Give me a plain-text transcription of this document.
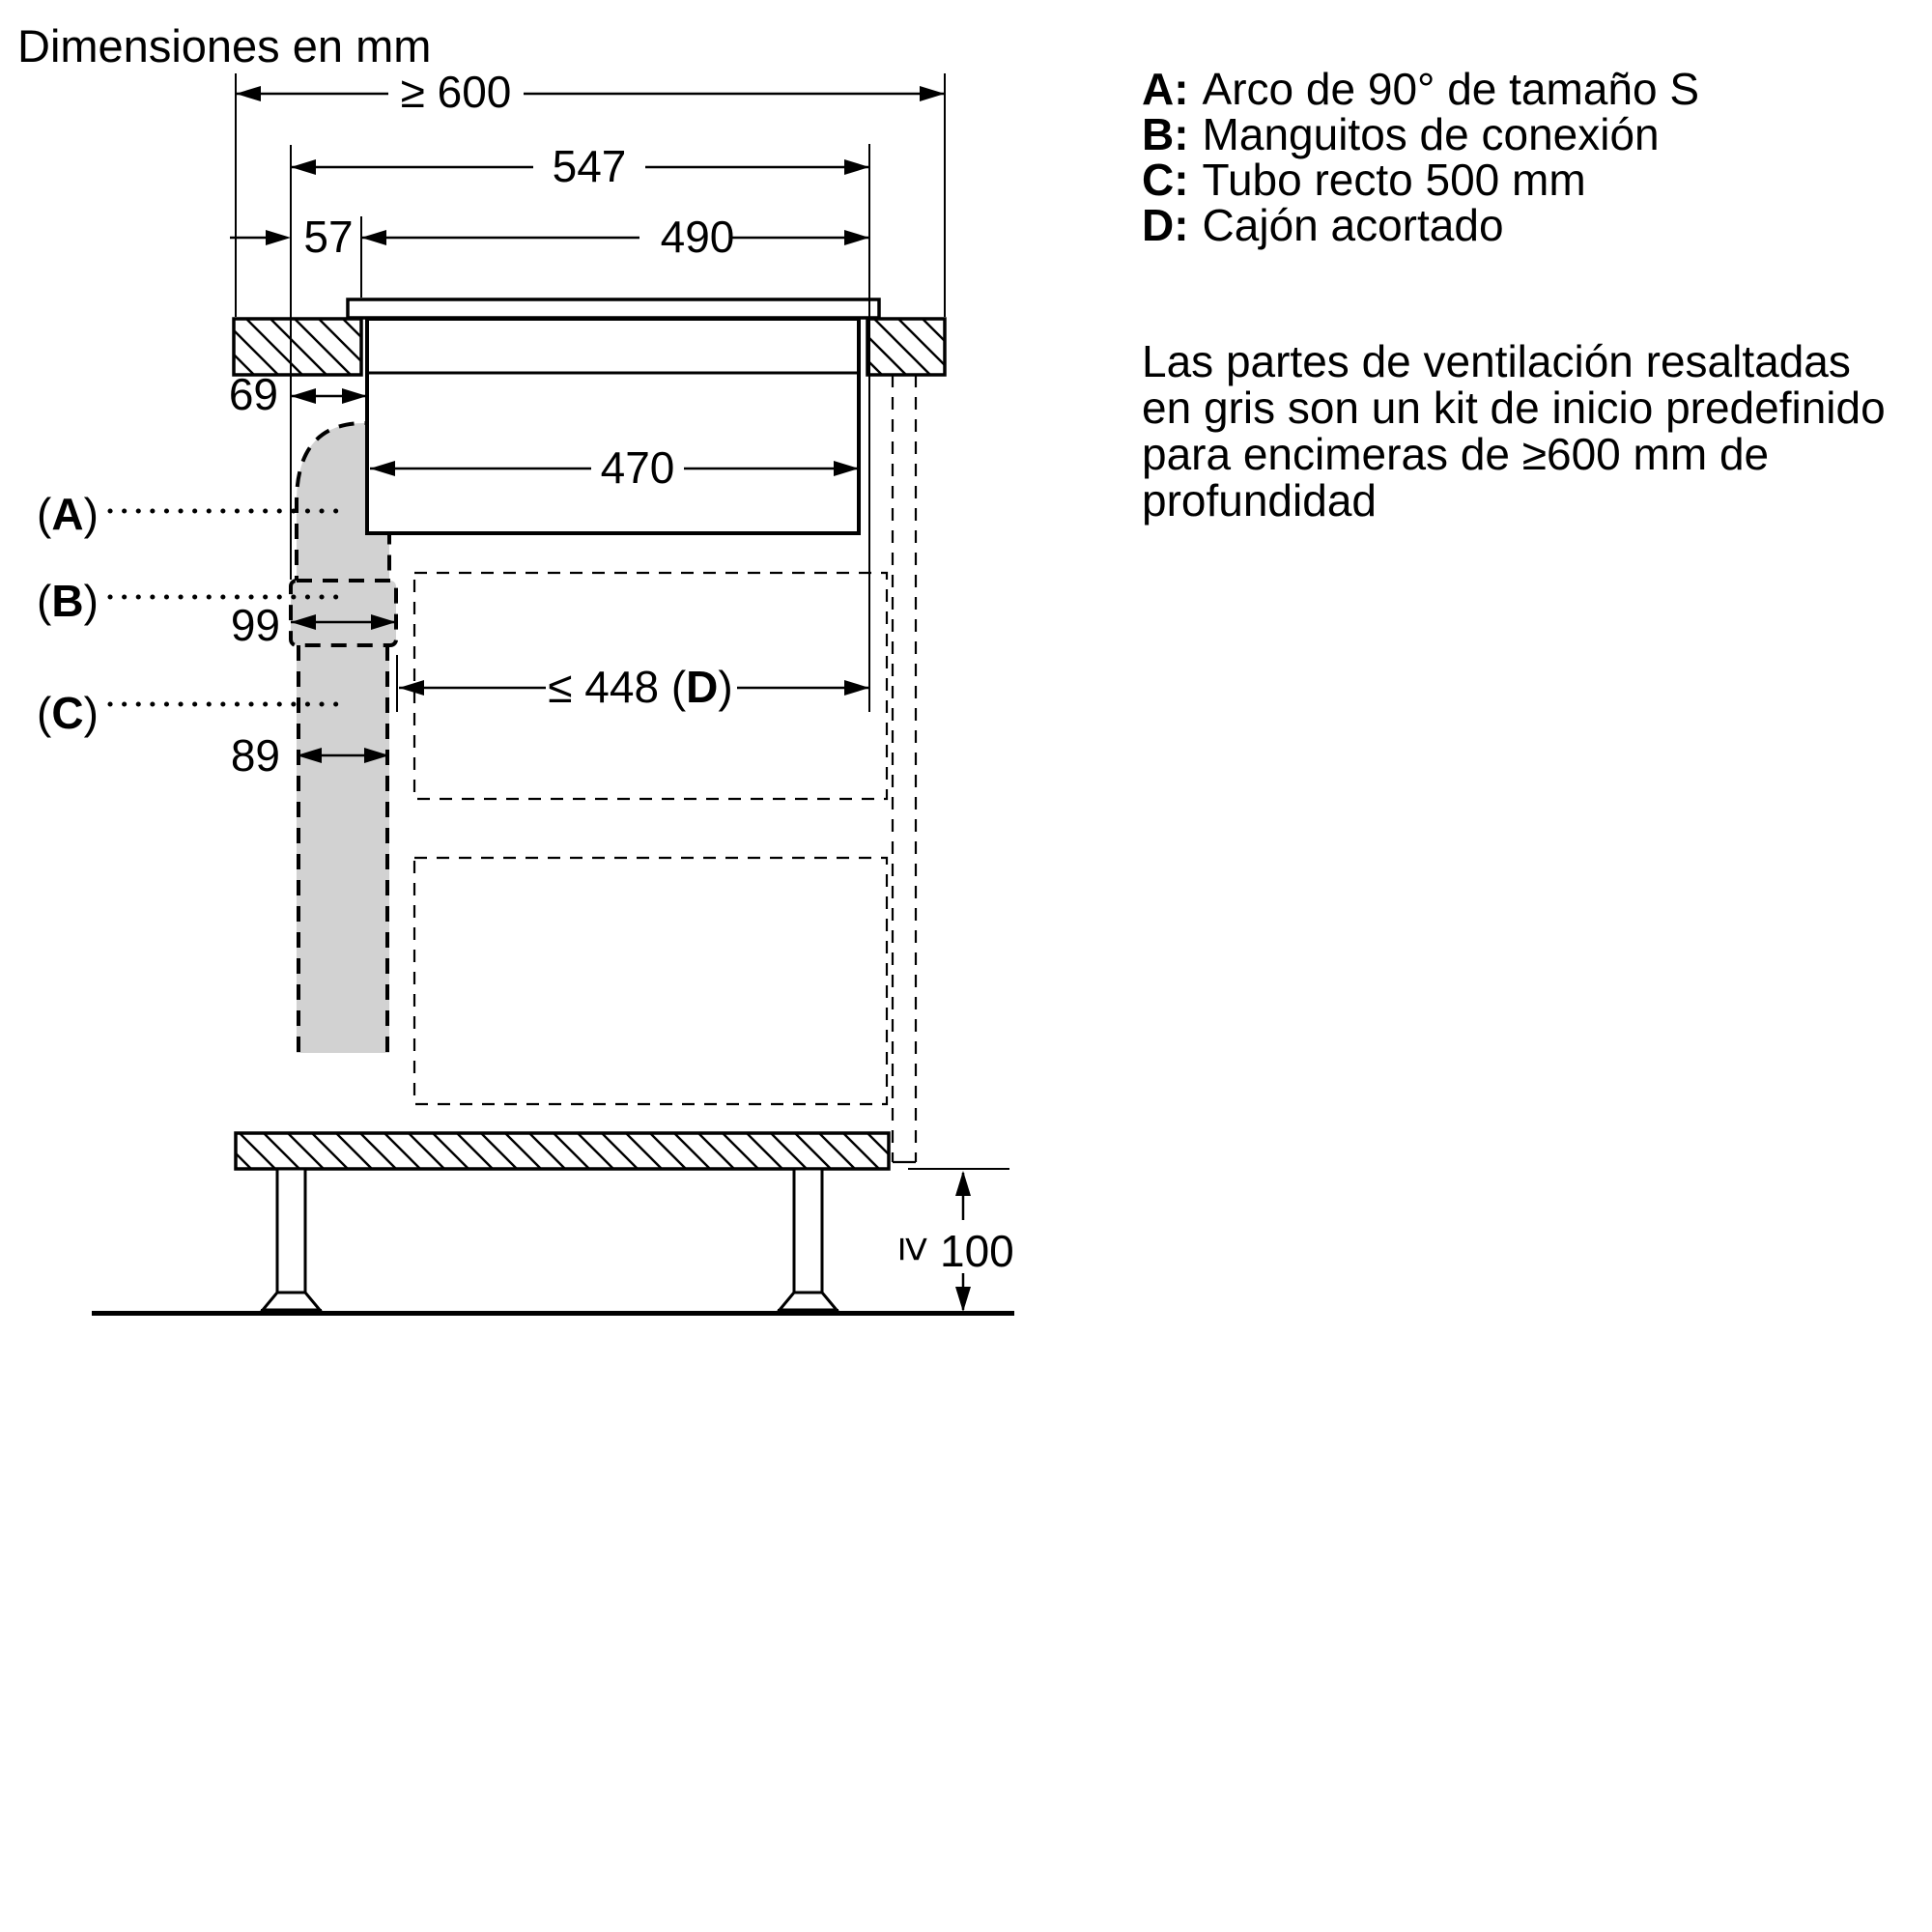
Dimensiones en mm
A: Arco de 90° de tamaño S
B: Manguitos de conexión
C: Tubo recto 500 mm
D: Cajón acortado
Las partes de ventilación resaltadas
en gris son un kit de inicio predefinido
para encimeras de ≥600 mm de
profundidad
≥ 600
547
57	490
470
69
99
89
≤ 448 (D)
≥ 100
(A)
(B)
(C)
